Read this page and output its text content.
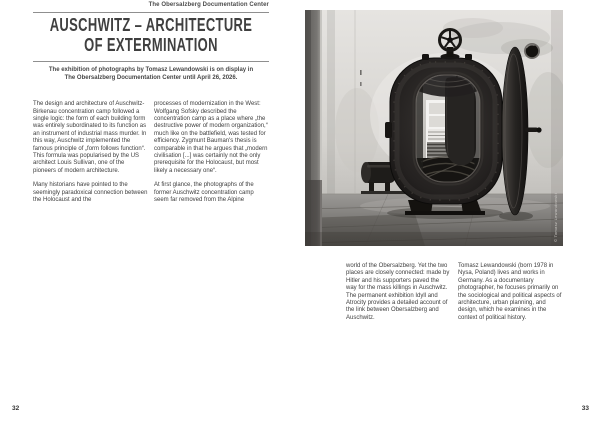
The Obersalzberg Documentation Center
AUSCHWITZ – ARCHITECTURE
OF EXTERMINATION
The exhibition of photographs by Tomasz Lewandowski is on display in The Obersalzberg Documentation Center until April 26, 2026.

The design and architecture of Auschwitz-Birkenau concentration camp followed a single logic: the form of each building form was entirely subordinated to its function as an instrument of industrial mass murder. In this way, Auschwitz implemented the famous principle of „form follows function“. This formula was popularised by the US architect Louis Sullivan, one of the pioneers of modern architecture.

Many historians have pointed to the seemingly paradoxical connection between the Holocaust and the

processes of modernization in the West: Wolfgang Sofsky described the concentration camp as a place where „the destructive power of modern organization,“ much like on the battlefield, was tested for efficiency. Zygmunt Bauman's thesis is comparable in that he argues that „modern civilisation [...] was certainly not the only prerequisite for the Holocaust, but most likely a necessary one“.

At first glance, the photographs of the former Auschwitz concentration camp seem far removed from the Alpine	© Tomasz Lewandowski

world of the Obersalzberg. Yet the two places are closely connected: made by Hitler and his supporters paved the way for the mass killings in Auschwitz. The permanent exhibition Idyll and Atrocity provides a detailed account of the link between Obersalzberg and Auschwitz.

Tomasz Lewandowski (born 1978 in Nysa, Poland) lives and works in Germany. As a documentary photographer, he focuses primarily on the sociological and political aspects of architecture, urban planning, and design, which he examines in the context of political history.

32	33
